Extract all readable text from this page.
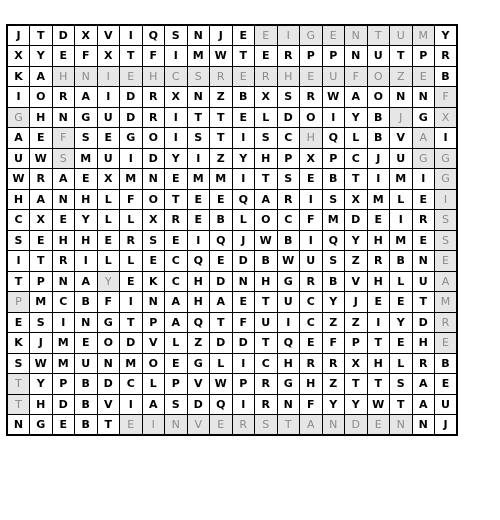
J	T	D	X	V	I	Q	S	N	J	E	E	I	G	E	N	T	U	M	Y
X	Y	E	F	X	T	F	I	M	W	T	E	R	P	P	N	U	T	P	R
K	A	H	N	I	E	H	C	S	R	E	R	H	E	U	F	O	Z	E	B
I	O	R	A	I	D	R	X	N	Z	B	X	S	R	W	A	O	N	N	F
G	H	N	G	U	D	R	I	T	T	E	L	D	O	I	Y	B	J	G	X
A	E	F	S	E	G	O	I	S	T	I	S	C	H	Q	L	B	V	A	I
U	W	S	M	U	I	D	Y	I	Z	Y	H	P	X	P	C	J	U	G	G
W	R	A	E	X	M	N	E	M	M	I	T	S	E	B	T	I	M	I	G
H	A	N	H	L	F	O	T	E	E	Q	A	R	I	S	X	M	L	E	I
C	X	E	Y	L	L	X	R	E	B	L	O	C	F	M	D	E	I	R	S
S	E	H	H	E	R	S	E	I	Q	J	W	B	I	Q	Y	H	M	E	S
I	T	R	I	L	L	E	C	Q	E	D	B	W	U	S	Z	R	B	N	E
T	P	N	A	Y	E	K	C	H	D	N	H	G	R	B	V	H	L	U	A
P	M	C	B	F	I	N	A	H	A	E	T	U	C	Y	J	E	E	T	M
E	S	I	N	G	T	P	A	Q	T	F	U	I	C	Z	Z	I	Y	D	R
K	J	M	E	O	D	V	L	Z	D	D	T	Q	E	F	P	T	E	H	E
S	W	M	U	N	M	O	E	G	L	I	C	H	R	R	X	H	L	R	B
T	Y	P	B	D	C	L	P	V	W	P	R	G	H	Z	T	T	S	A	E
T	H	D	B	V	I	A	S	D	Q	I	R	N	F	Y	Y	W	T	A	U
N	G	E	B	T	E	I	N	V	E	R	S	T	A	N	D	E	N	N	J
